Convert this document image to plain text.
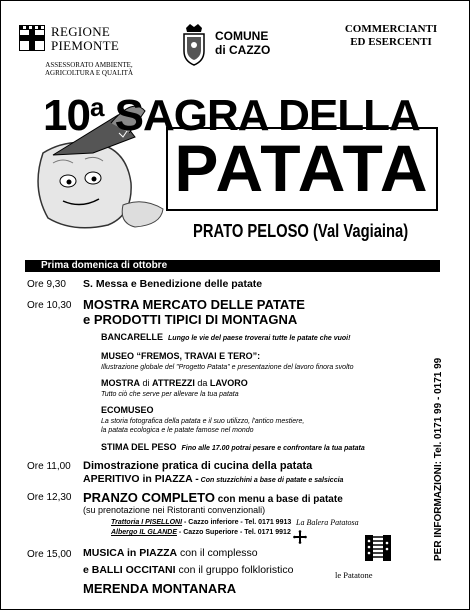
REGIONE
PIEMONTE
ASSESSORATO AMBIENTE,
AGRICOLTURA E QUALITÀ
COMUNE
di CAZZO
COMMERCIANTI
ED ESERCENTI
10$^a$ SAGRA DELLA
PATATA
PRATO PELOSO (Val Vagiaina)
Prima domenica di ottobre
Ore 9,30 S. Messa e Benedizione delle patate
Ore 10,30 MOSTRA MERCATO DELLE PATATE
e PRODOTTI TIPICI DI MONTAGNA
BANCARELLE Lungo le vie del paese troverai tutte le patate che vuoi!
MUSEO “FREMOS, TRAVAI E TERO”:
Illustrazione globale del "Progetto Patata" e presentazione del lavoro finora svolto
MOSTRA di ATTREZZI da LAVORO
Tutto ciò che serve per allevare la tua patata
ECOMUSEO
La storia fotografica della patata e il suo utilizzo, l'antico mestiere,
la patata ecologica e le patate famose nel mondo
STIMA DEL PESO Fino alle 17.00 potrai pesare e confrontare la tua patata
Ore 11,00 Dimostrazione pratica di cucina della patata
APERITIVO in PIAZZA - Con stuzzichini a base di patate e salsiccia
Ore 12,30 PRANZO COMPLETO con menu a base di patate
(su prenotazione nei Ristoranti convenzionali)
Trattoria I PISELLONI - Cazzo inferiore - Tel. 0171 9913
Albergo IL GLANDE - Cazzo Superiore - Tel. 0171 9912
La Balera Patatosa
Ore 15,00 MUSICA in PIAZZA con il complesso
e BALLI OCCITANI con il gruppo folkloristico	le Patatone
MERENDA MONTANARA
PER INFORMAZIONI: Tel. 0171 99 - 0171 99
